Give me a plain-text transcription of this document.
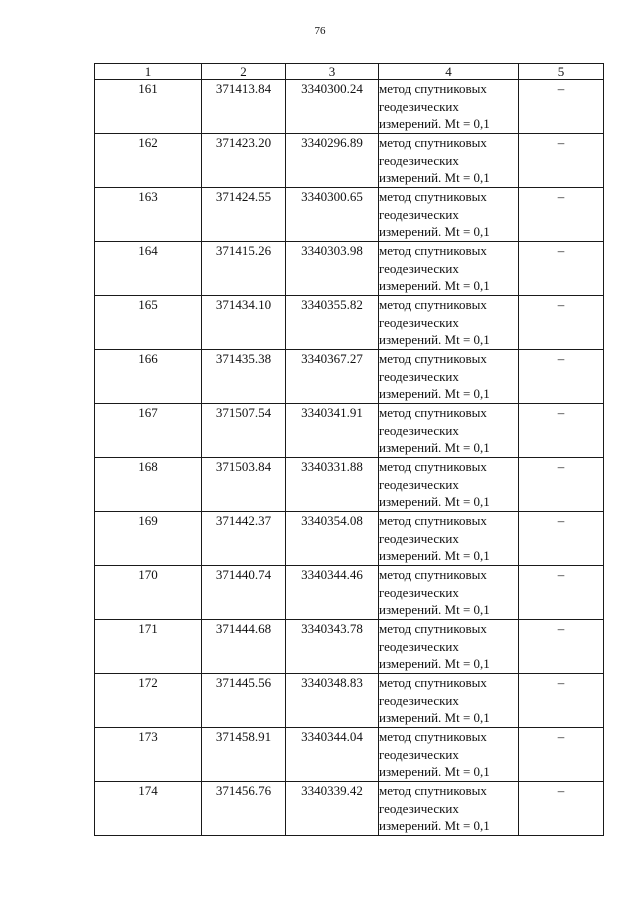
76
1	2	3	4	5
161	371413.84	3340300.24	метод спутниковых
геодезических
измерений. Mt = 0,1	–
162	371423.20	3340296.89	метод спутниковых
геодезических
измерений. Mt = 0,1	–
163	371424.55	3340300.65	метод спутниковых
геодезических
измерений. Mt = 0,1	–
164	371415.26	3340303.98	метод спутниковых
геодезических
измерений. Mt = 0,1	–
165	371434.10	3340355.82	метод спутниковых
геодезических
измерений. Mt = 0,1	–
166	371435.38	3340367.27	метод спутниковых
геодезических
измерений. Mt = 0,1	–
167	371507.54	3340341.91	метод спутниковых
геодезических
измерений. Mt = 0,1	–
168	371503.84	3340331.88	метод спутниковых
геодезических
измерений. Mt = 0,1	–
169	371442.37	3340354.08	метод спутниковых
геодезических
измерений. Mt = 0,1	–
170	371440.74	3340344.46	метод спутниковых
геодезических
измерений. Mt = 0,1	–
171	371444.68	3340343.78	метод спутниковых
геодезических
измерений. Mt = 0,1	–
172	371445.56	3340348.83	метод спутниковых
геодезических
измерений. Mt = 0,1	–
173	371458.91	3340344.04	метод спутниковых
геодезических
измерений. Mt = 0,1	–
174	371456.76	3340339.42	метод спутниковых
геодезических
измерений. Mt = 0,1	–
